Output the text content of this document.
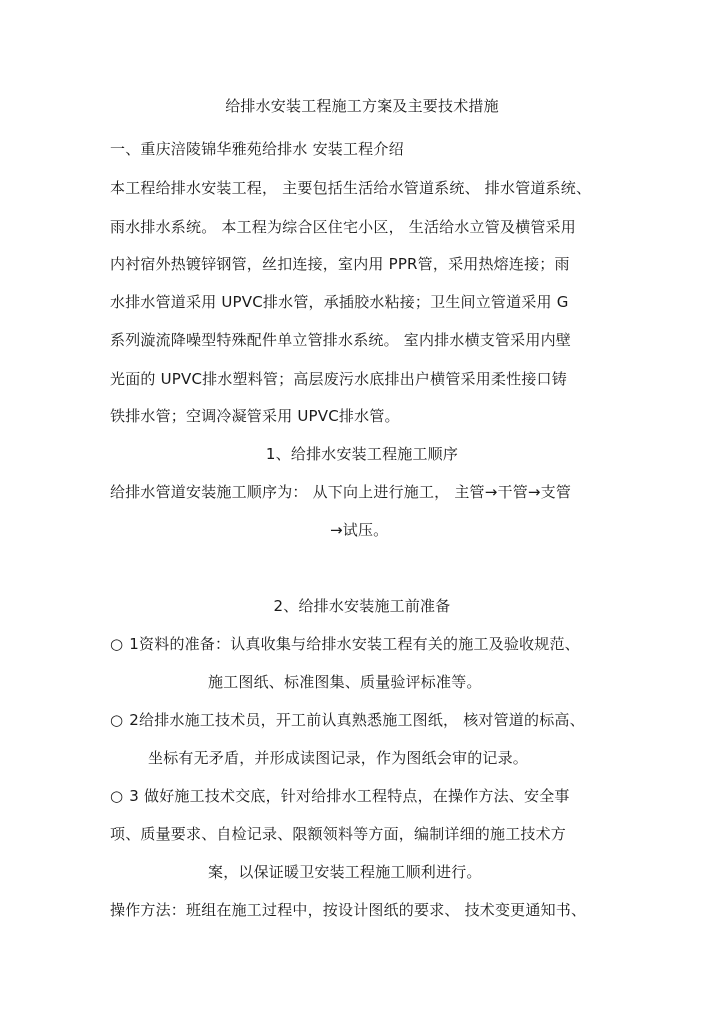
给排水安装工程施工方案及主要技术措施
一、重庆涪陵锦华雅苑给排水 安装工程介绍
本工程给排水安装工程， 主要包括生活给水管道系统、 排水管道系统、
雨水排水系统。 本工程为综合区住宅小区， 生活给水立管及横管采用
内衬宿外热镀锌钢管，丝扣连接，室内用 PPR管，采用热熔连接；雨
水排水管道采用 UPVC排水管，承插胶水粘接；卫生间立管道采用 G
系列漩流降噪型特殊配件单立管排水系统。 室内排水横支管采用内壁
光面的 UPVC排水塑料管；高层废污水底排出户横管采用柔性接口铸
铁排水管；空调冷凝管采用 UPVC排水管。
1、给排水安装工程施工顺序
给排水管道安装施工顺序为： 从下向上进行施工， 主管→干管→支管
→试压。
2、给排水安装施工前准备
○ 1资料的准备：认真收集与给排水安装工程有关的施工及验收规范、
施工图纸、标准图集、质量验评标准等。
○ 2给排水施工技术员，开工前认真熟悉施工图纸， 核对管道的标高、
坐标有无矛盾，并形成读图记录，作为图纸会审的记录。
○ 3 做好施工技术交底，针对给排水工程特点，在操作方法、安全事
项、质量要求、自检记录、限额领料等方面，编制详细的施工技术方
案，以保证暖卫安装工程施工顺利进行。
操作方法：班组在施工过程中，按设计图纸的要求、 技术变更通知书、
